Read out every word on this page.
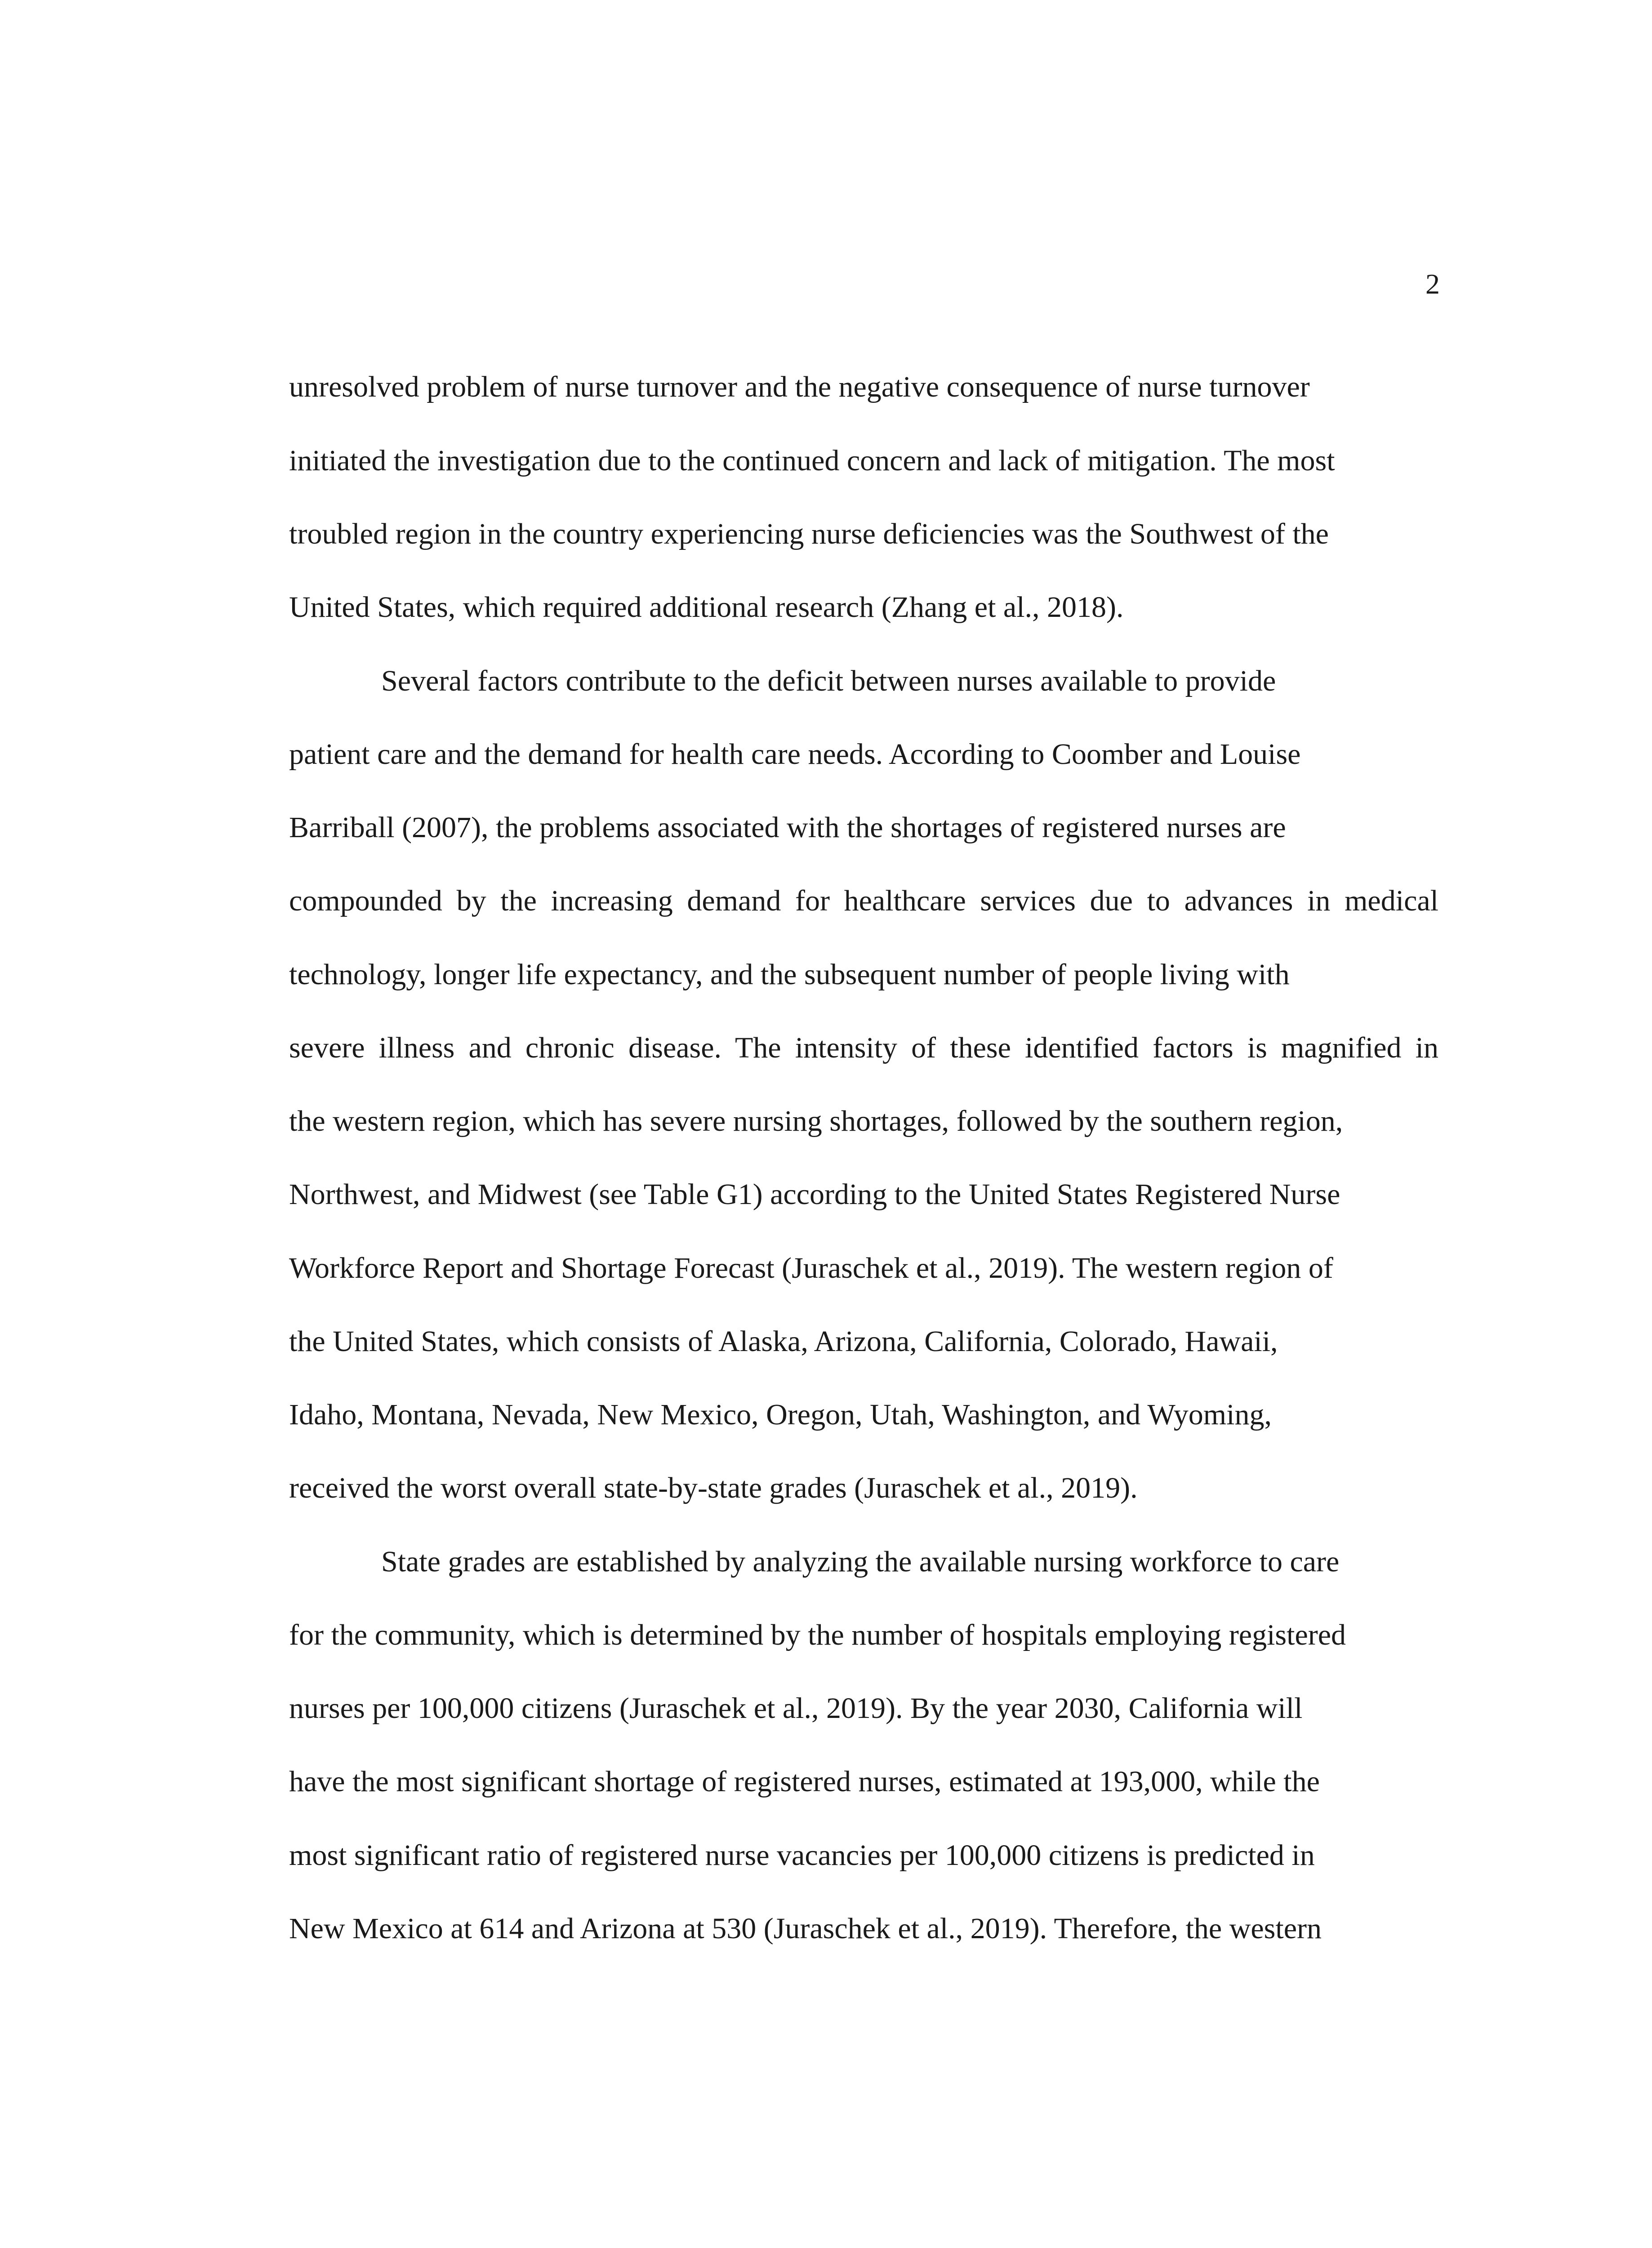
2
unresolved problem of nurse turnover and the negative consequence of nurse turnover
initiated the investigation due to the continued concern and lack of mitigation. The most
troubled region in the country experiencing nurse deficiencies was the Southwest of the
United States, which required additional research (Zhang et al., 2018).
Several factors contribute to the deficit between nurses available to provide
patient care and the demand for health care needs. According to Coomber and Louise
Barriball (2007), the problems associated with the shortages of registered nurses are
compounded by the increasing demand for healthcare services due to advances in medical
technology, longer life expectancy, and the subsequent number of people living with
severe illness and chronic disease. The intensity of these identified factors is magnified in
the western region, which has severe nursing shortages, followed by the southern region,
Northwest, and Midwest (see Table G1) according to the United States Registered Nurse
Workforce Report and Shortage Forecast (Juraschek et al., 2019). The western region of
the United States, which consists of Alaska, Arizona, California, Colorado, Hawaii,
Idaho, Montana, Nevada, New Mexico, Oregon, Utah, Washington, and Wyoming,
received the worst overall state-by-state grades (Juraschek et al., 2019).
State grades are established by analyzing the available nursing workforce to care
for the community, which is determined by the number of hospitals employing registered
nurses per 100,000 citizens (Juraschek et al., 2019). By the year 2030, California will
have the most significant shortage of registered nurses, estimated at 193,000, while the
most significant ratio of registered nurse vacancies per 100,000 citizens is predicted in
New Mexico at 614 and Arizona at 530 (Juraschek et al., 2019). Therefore, the western
